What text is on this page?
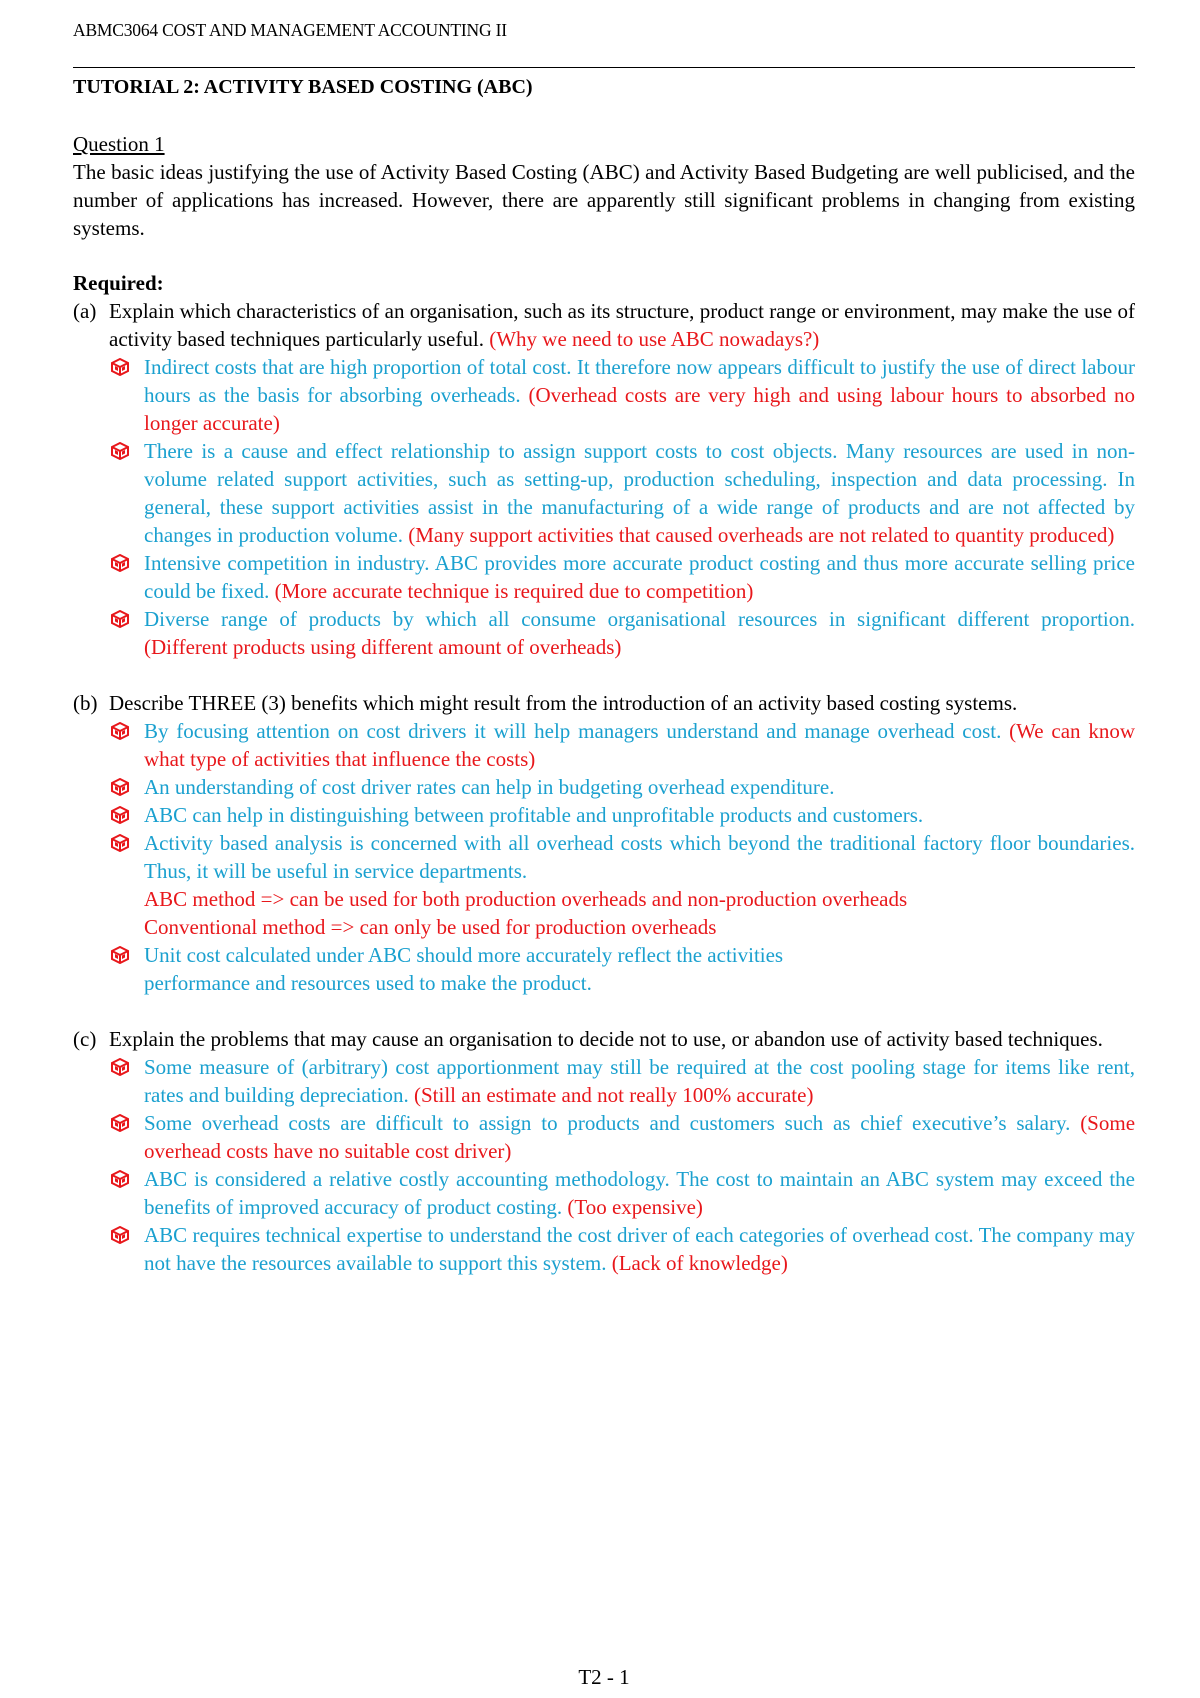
ABMC3064 COST AND MANAGEMENT ACCOUNTING II
TUTORIAL 2: ACTIVITY BASED COSTING (ABC)

Question 1

The basic ideas justifying the use of Activity Based Costing (ABC) and Activity Based Budgeting are well publicised, and the number of applications has increased. However, there are apparently still significant problems in changing from existing systems.

Required:

(a) Explain which characteristics of an organisation, such as its structure, product range or environment, may make the use of activity based techniques particularly useful. (Why we need to use ABC nowadays?)
Indirect costs that are high proportion of total cost. It therefore now appears difficult to justify the use of direct labour hours as the basis for absorbing overheads. (Overhead costs are very high and using labour hours to absorbed no longer accurate)
There is a cause and effect relationship to assign support costs to cost objects. Many resources are used in non-volume related support activities, such as setting-up, production scheduling, inspection and data processing. In general, these support activities assist in the manufacturing of a wide range of products and are not affected by changes in production volume. (Many support activities that caused overheads are not related to quantity produced)
Intensive competition in industry. ABC provides more accurate product costing and thus more accurate selling price could be fixed. (More accurate technique is required due to competition)
Diverse range of products by which all consume organisational resources in significant different proportion. (Different products using different amount of overheads)
(b) Describe THREE (3) benefits which might result from the introduction of an activity based costing systems.
By focusing attention on cost drivers it will help managers understand and manage overhead cost. (We can know what type of activities that influence the costs)
An understanding of cost driver rates can help in budgeting overhead expenditure.
ABC can help in distinguishing between profitable and unprofitable products and customers.
Activity based analysis is concerned with all overhead costs which beyond the traditional factory floor boundaries. Thus, it will be useful in service departments.
ABC method => can be used for both production overheads and non-production overheads
Conventional method => can only be used for production overheads
Unit cost calculated under ABC should more accurately reflect the activities
performance and resources used to make the product.
(c) Explain the problems that may cause an organisation to decide not to use, or abandon use of activity based techniques.
Some measure of (arbitrary) cost apportionment may still be required at the cost pooling stage for items like rent, rates and building depreciation. (Still an estimate and not really 100% accurate)
Some overhead costs are difficult to assign to products and customers such as chief executive’s salary. (Some overhead costs have no suitable cost driver)
ABC is considered a relative costly accounting methodology. The cost to maintain an ABC system may exceed the benefits of improved accuracy of product costing. (Too expensive)
ABC requires technical expertise to understand the cost driver of each categories of overhead cost. The company may not have the resources available to support this system. (Lack of knowledge)
T2 - 1
